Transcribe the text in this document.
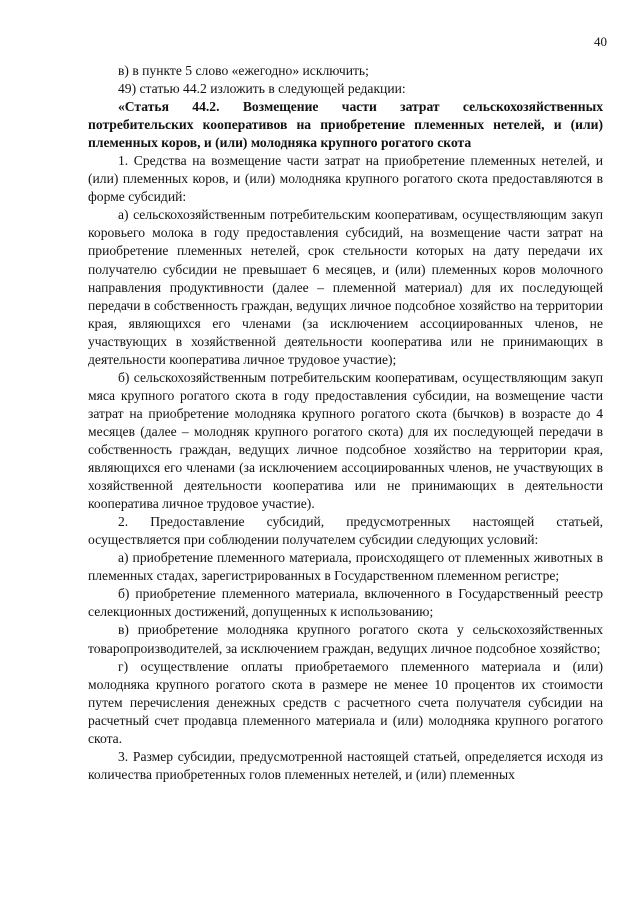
40

в) в пункте 5 слово «ежегодно» исключить;

49) статью 44.2 изложить в следующей редакции:

«Статья 44.2. Возмещение части затрат сельскохозяйственных потребительских кооперативов на приобретение племенных нетелей, и (или) племенных коров, и (или) молодняка крупного рогатого скота

1. Средства на возмещение части затрат на приобретение племенных нетелей, и (или) племенных коров, и (или) молодняка крупного рогатого скота предоставляются в форме субсидий:

а) сельскохозяйственным потребительским кооперативам, осуществляющим закуп коровьего молока в году предоставления субсидий, на возмещение части затрат на приобретение племенных нетелей, срок стельности которых на дату передачи их получателю субсидии не превышает 6 месяцев, и (или) племенных коров молочного направления продуктивности (далее – племенной материал) для их последующей передачи в собственность граждан, ведущих личное подсобное хозяйство на территории края, являющихся его членами (за исключением ассоциированных членов, не участвующих в хозяйственной деятельности кооператива или не принимающих в деятельности кооператива личное трудовое участие);

б) сельскохозяйственным потребительским кооперативам, осуществляющим закуп мяса крупного рогатого скота в году предоставления субсидии, на возмещение части затрат на приобретение молодняка крупного рогатого скота (бычков) в возрасте до 4 месяцев (далее – молодняк крупного рогатого скота) для их последующей передачи в собственность граждан, ведущих личное подсобное хозяйство на территории края, являющихся его членами (за исключением ассоциированных членов, не участвующих в хозяйственной деятельности кооператива или не принимающих в деятельности кооператива личное трудовое участие).

2. Предоставление субсидий, предусмотренных настоящей статьей, осуществляется при соблюдении получателем субсидии следующих условий:

а) приобретение племенного материала, происходящего от племенных животных в племенных стадах, зарегистрированных в Государственном племенном регистре;

б) приобретение племенного материала, включенного в Государственный реестр селекционных достижений, допущенных к использованию;

в) приобретение молодняка крупного рогатого скота у сельскохозяйственных товаропроизводителей, за исключением граждан, ведущих личное подсобное хозяйство;

г) осуществление оплаты приобретаемого племенного материала и (или) молодняка крупного рогатого скота в размере не менее 10 процентов их стоимости путем перечисления денежных средств с расчетного счета получателя субсидии на расчетный счет продавца племенного материала и (или) молодняка крупного рогатого скота.

3. Размер субсидии, предусмотренной настоящей статьей, определяется исходя из количества приобретенных голов племенных нетелей, и (или) племенных
